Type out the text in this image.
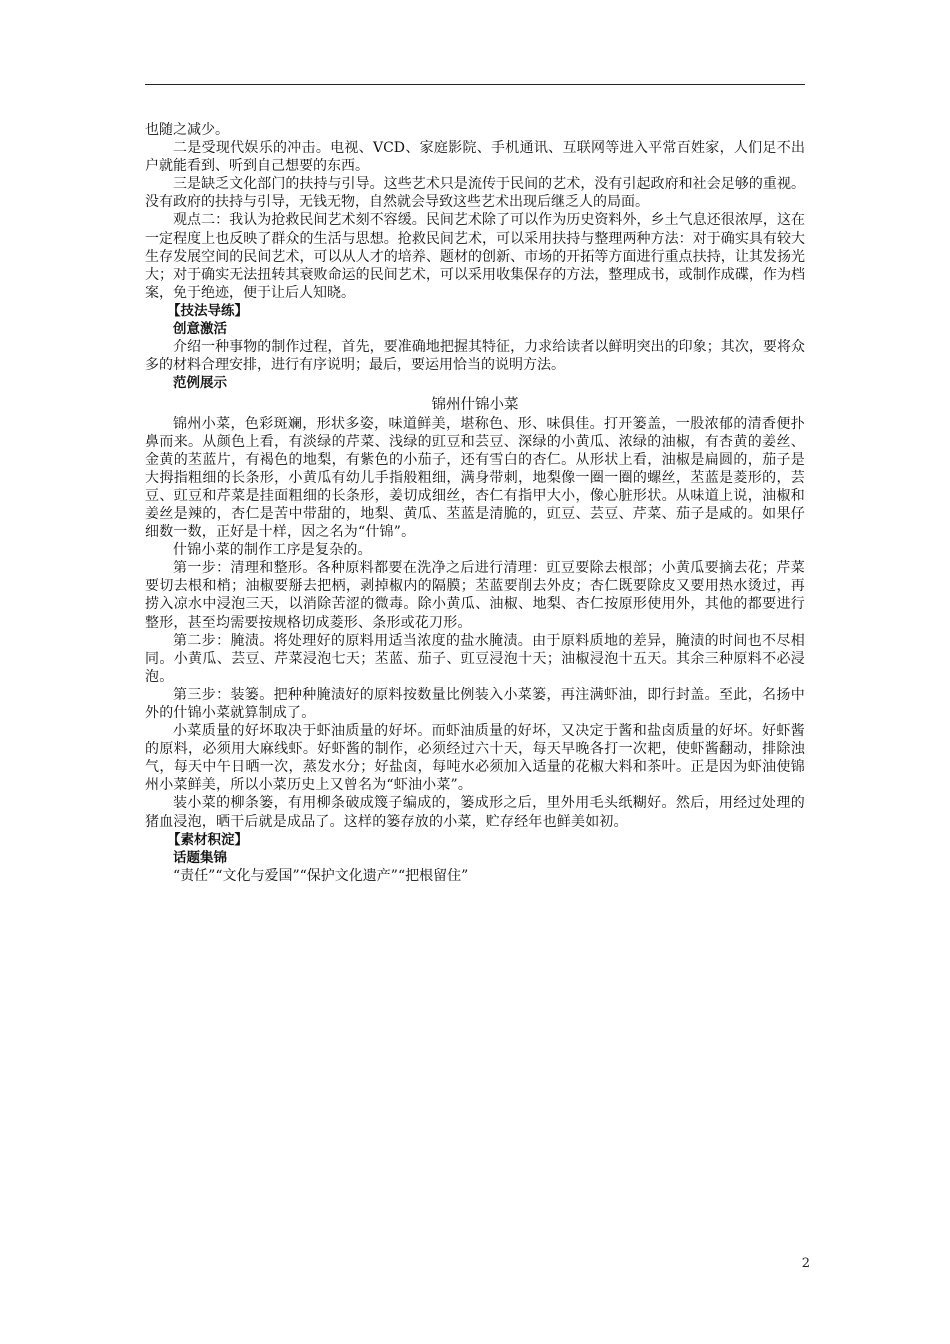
也随之减少。

二是受现代娱乐的冲击。电视、VCD、家庭影院、手机通讯、互联网等进入平常百姓家，人们足不出户就能看到、听到自己想要的东西。

三是缺乏文化部门的扶持与引导。这些艺术只是流传于民间的艺术，没有引起政府和社会足够的重视。没有政府的扶持与引导，无钱无物，自然就会导致这些艺术出现后继乏人的局面。

观点二：我认为抢救民间艺术刻不容缓。民间艺术除了可以作为历史资料外，乡土气息还很浓厚，这在一定程度上也反映了群众的生活与思想。抢救民间艺术，可以采用扶持与整理两种方法：对于确实具有较大生存发展空间的民间艺术，可以从人才的培养、题材的创新、市场的开拓等方面进行重点扶持，让其发扬光大；对于确实无法扭转其衰败命运的民间艺术，可以采用收集保存的方法，整理成书，或制作成碟，作为档案，免于绝迹，便于让后人知晓。

【技法导练】

创意激活

介绍一种事物的制作过程，首先，要准确地把握其特征，力求给读者以鲜明突出的印象；其次，要将众多的材料合理安排，进行有序说明；最后，要运用恰当的说明方法。

范例展示

锦州什锦小菜

锦州小菜，色彩斑斓，形状多姿，味道鲜美，堪称色、形、味俱佳。打开篓盖，一股浓郁的清香便扑鼻而来。从颜色上看，有淡绿的芹菜、浅绿的豇豆和芸豆、深绿的小黄瓜、浓绿的油椒，有杏黄的姜丝、金黄的苤蓝片，有褐色的地梨，有紫色的小茄子，还有雪白的杏仁。从形状上看，油椒是扁圆的，茄子是大拇指粗细的长条形，小黄瓜有幼儿手指般粗细，满身带刺，地梨像一圈一圈的螺丝，苤蓝是菱形的，芸豆、豇豆和芹菜是挂面粗细的长条形，姜切成细丝，杏仁有指甲大小，像心脏形状。从味道上说，油椒和姜丝是辣的，杏仁是苦中带甜的，地梨、黄瓜、苤蓝是清脆的，豇豆、芸豆、芹菜、茄子是咸的。如果仔细数一数，正好是十样，因之名为“什锦”。

什锦小菜的制作工序是复杂的。

第一步：清理和整形。各种原料都要在洗净之后进行清理：豇豆要除去根部；小黄瓜要摘去花；芹菜要切去根和梢；油椒要掰去把柄，剥掉椒内的隔膜；苤蓝要削去外皮；杏仁既要除皮又要用热水烫过，再捞入凉水中浸泡三天，以消除苦涩的微毒。除小黄瓜、油椒、地梨、杏仁按原形使用外，其他的都要进行整形，甚至均需要按规格切成菱形、条形或花刀形。

第二步：腌渍。将处理好的原料用适当浓度的盐水腌渍。由于原料质地的差异，腌渍的时间也不尽相同。小黄瓜、芸豆、芹菜浸泡七天；苤蓝、茄子、豇豆浸泡十天；油椒浸泡十五天。其余三种原料不必浸泡。

第三步：装篓。把种种腌渍好的原料按数量比例装入小菜篓，再注满虾油，即行封盖。至此，名扬中外的什锦小菜就算制成了。

小菜质量的好坏取决于虾油质量的好坏。而虾油质量的好坏，又决定于酱和盐卤质量的好坏。好虾酱的原料，必须用大麻线虾。好虾酱的制作，必须经过六十天，每天早晚各打一次耙，使虾酱翻动，排除浊气，每天中午日晒一次，蒸发水分；好盐卤，每吨水必须加入适量的花椒大料和茶叶。正是因为虾油使锦州小菜鲜美，所以小菜历史上又曾名为“虾油小菜”。

装小菜的柳条篓，有用柳条破成篾子编成的，篓成形之后，里外用毛头纸糊好。然后，用经过处理的猪血浸泡，晒干后就是成品了。这样的篓存放的小菜，贮存经年也鲜美如初。

【素材积淀】

话题集锦

“责任”“文化与爱国”“保护文化遗产”“把根留住”

2
